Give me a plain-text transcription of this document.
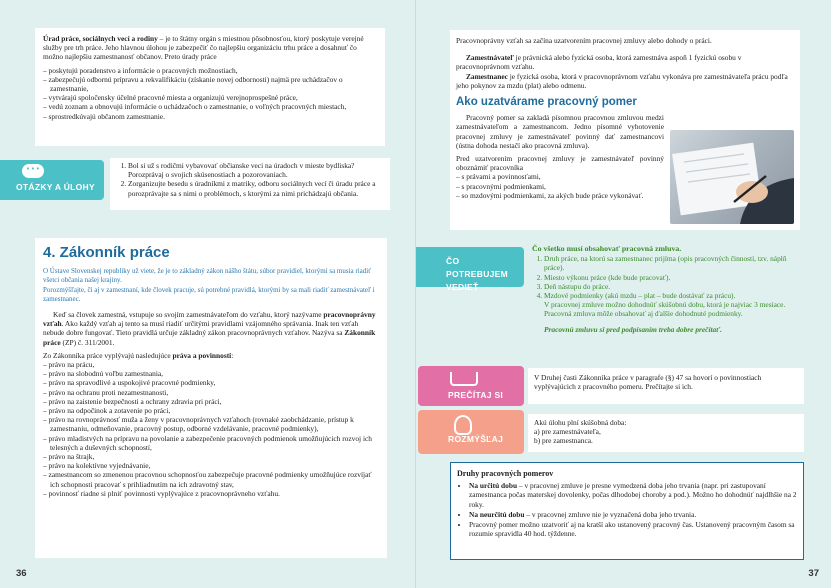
Úrad práce, sociálnych vecí a rodiny – je to štátny orgán s miestnou pôsobnosťou, ktorý poskytuje verejné služby pre trh práce. Jeho hlavnou úlohou je zabezpečiť čo najlepšiu organizáciu trhu práce a dosahnuť čo možno najlepšiu zamestnanosť občanov. Preto úrady práce

– poskytujú poradenstvo a informácie o pracovných možnostiach,
– zabezpečujú odbornú prípravu a rekvalifikáciu (získanie novej odbornosti) najmä pre uchádzačov o zamestnanie,
– vytvárajú spoločensky účelné pracovné miesta a organizujú verejnoprospešné práce,
– vedú zoznam a obnovujú informácie o uchádzačoch o zamestnanie, o voľných pracovných miestach,
– sprostredkúvajú občanom zamestnanie.
• • •
OTÁZKY A ÚLOHY
1. Bol si už s rodičmi vybavovať občianske veci na úradoch v mieste bydliska? Porozprávaj o svojich skúsenostiach a pozorovaniach.
2. Zorganizujte besedu s úradníkmi z matriky, odboru sociálnych vecí či úradu práce a porozprávajte sa s nimi o problémoch, s ktorými za nimi prichádzajú občania.
4. Zákonník práce

O Ústave Slovenskej republiky už viete, že je to základný zákon nášho štátu, súbor pravidiel, ktorými sa musia riadiť všetci občania našej krajiny.
Porozmýšľajte, či aj v zamestnaní, kde človek pracuje, sú potrebné pravidlá, ktorými by sa mali riadiť zamestnávateľ i zamestnanec.

Keď sa človek zamestná, vstupuje so svojím zamestnávateľom do vzťahu, ktorý nazývame pracovnoprávny vzťah. Ako každý vzťah aj tento sa musí riadiť určitými pravidlami vzájomného správania. Inak ten vzťah nebude dobre fungovať. Tieto pravidlá určuje základný zákon pracovnoprávnych vzťahov. Nazýva sa Zákonník práce (ZP) č. 311/2001.

Zo Zákonníka práce vyplývajú nasledujúce práva a povinnosti:

– právo na prácu,
– právo na slobodnú voľbu zamestnania,
– právo na spravodlivé a uspokojivé pracovné podmienky,
– právo na ochranu proti nezamestnanosti,
– právo na zaistenie bezpečnosti a ochrany zdravia pri práci,
– právo na odpočinok a zotavenie po práci,
– právo na rovnoprávnosť muža a ženy v pracovnoprávnych vzťahoch (rovnaké zaobchádzanie, prístup k zamestnaniu, odmeňovanie, pracovný postup, odborné vzdelávanie, pracovné podmienky),
– právo mladistvých na prípravu na povolanie a zabezpečenie pracovných podmienok umožňujúcich rozvoj ich telesných a duševných schopností,
– právo na štrajk,
– právo na kolektívne vyjednávanie,
– zamestnancom so zmenenou pracovnou schopnosťou zabezpečuje pracovné podmienky umožňujúce rozvíjať ich schopnosti pracovať s prihliadnutím na ich zdravotný stav,
– povinnosť riadne si plniť povinnosti vyplývajúce z pracovnoprávneho vzťahu.
36

Pracovnoprávny vzťah sa začína uzatvorením pracovnej zmluvy alebo dohody o práci.

Zamestnávateľ je právnická alebo fyzická osoba, ktorá zamestnáva aspoň 1 fyzickú osobu v pracovnoprávnom vzťahu.

Zamestnanec je fyzická osoba, ktorá v pracovnoprávnom vzťahu vykonáva pre zamestnávateľa prácu podľa jeho pokynov za mzdu (plat) alebo odmenu.

Ako uzatvárame pracovný pomer

Pracovný pomer sa zakladá písomnou pracovnou zmluvou medzi zamestnávateľom a zamestnancom. Jedno písomné vyhotovenie pracovnej zmluvy je zamestnávateľ povinný dať zamestnancovi (ústna dohoda nestačí ako pracovná zmluva).

Pred uzatvorením pracovnej zmluvy je zamestnávateľ povinný oboznámiť pracovníka

– s právami a povinnosťami,
– s pracovnými podmienkami,
– so mzdovými podmienkami, za akých bude práce vykonávať.
ČO POTREBUJEM
VEDIEŤ
Čo všetko musí obsahovať pracovná zmluva.
1. Druh práce, na ktorú sa zamestnanec prijíma (opis pracovných činností, tzv. náplň práce).
2. Miesto výkonu práce (kde bude pracovať).
3. Deň nástupu do práce.
4. Mzdové podmienky (akú mzdu – plat – bude dostávať za prácu).
V pracovnej zmluve možno dohodnúť skúšobnú dobu, ktorá je najviac 3 mesiace.
Pracovná zmluva môže obsahovať aj ďalšie dohodnuté podmienky.
Pracovnú zmluvu si pred podpísaním treba dobre prečítať.
PREČÍTAJ SI
V Druhej časti Zákonníka práce v paragrafe (§) 47 sa hovorí o povinnostiach vyplývajúcich z pracovného pomeru. Prečítajte si ich.
ROZMÝŠĽAJ
Akú úlohu plní skúšobná doba:
a) pre zamestnávateľa,
b) pre zamestnanca.
Druhy pracovných pomerov
• Na určitú dobu – v pracovnej zmluve je presne vymedzená doba jeho trvania (napr. pri zastupovaní zamestnanca počas materskej dovolenky, počas dlhodobej choroby a pod.). Možno ho dohodnúť najdlhšie na 2 roky.
• Na neurčitú dobu – v pracovnej zmluve nie je vyznačená doba jeho trvania.
• Pracovný pomer možno uzatvoriť aj na kratší ako ustanovený pracovný čas. Ustanovený pracovným časom sa rozumie spravidla 40 hod. týždenne.
37
